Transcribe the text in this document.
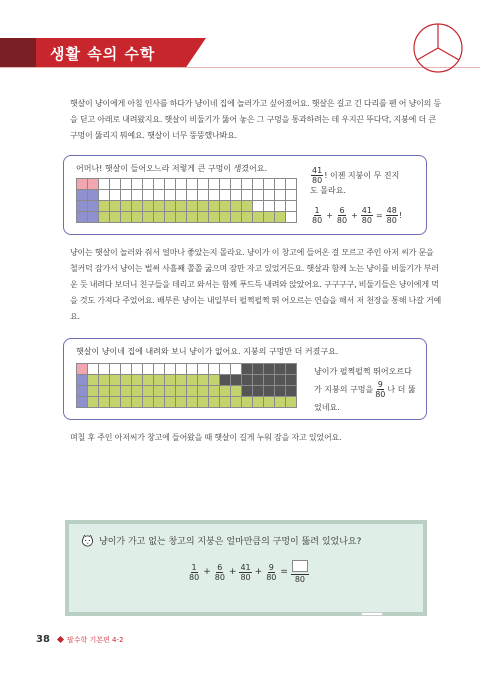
생활 속의 수학
햇살이 냥이에게 아침 인사를 하다가 냥이네 집에 놀러가고 싶어졌어요. 햇살은 길고 긴 다리를 펜 어 냥이의 등을 딛고 아래로 내려왔지요. 햇살이 비둘기가 뚫어 놓은 그 구멍을 통과하려는 데 우지끈 뚜다닥, 지붕에 더 큰 구멍이 뚫리지 뭐예요. 햇살이 너무 뚱뚱했나봐요.
어머나! 햇살이 들어오느라 저렇게 큰 구멍이 생겼어요.	$\frac{41}{80}$ ! 이젠 지붕이 무 진지
도 몰라요.
$\frac{1}{80} + \frac{6}{80} + \frac{41}{80} = \frac{48}{80}$ !
냥이는 햇살이 놀러와 줘서 얼마나 좋았는지 몰라요. 냥이가 이 창고에 들어온 걸 모르고 주인 아저 씨가 문을 철커덕 잠가서 냥이는 벌써 사흘째 쫄쫄 굶으며 잠만 자고 있었거든요. 햇살과 함께 노는 냥이를 비둘기가 부러운 듯 내려다 보더니 친구들을 데리고 와서는 함께 푸드득 내려와 앉았어요. 구구구구, 비둘기들은 냥이에게 먹을 것도 가져다 주었어요. 배부른 냥이는 내일부터 펄쩍펄쩍 뛰 어오르는 연습을 해서 저 천장을 통해 나갈 거예요.
햇살이 냥이네 집에 내려와 보니 냥이가 없어요. 지붕의 구멍만 더 커졌구요.
냥이가 펄쩍펄쩍 뛰어오르다
가 지붕의 구멍을 $\frac{9}{80}$ 나 더 뚫
었네요.
며칠 후 주인 아저씨가 창고에 들어왔을 때 햇살이 길게 누워 잠을 자고 있었어요.
냥이가 가고 없는 창고의 지붕은 얼마만큼의 구멍이 뚫려 있었나요?
$\frac{1}{80} + \frac{6}{80} + \frac{41}{80} + \frac{9}{80}$ =
80
38 팔수학 기본편 4-2
